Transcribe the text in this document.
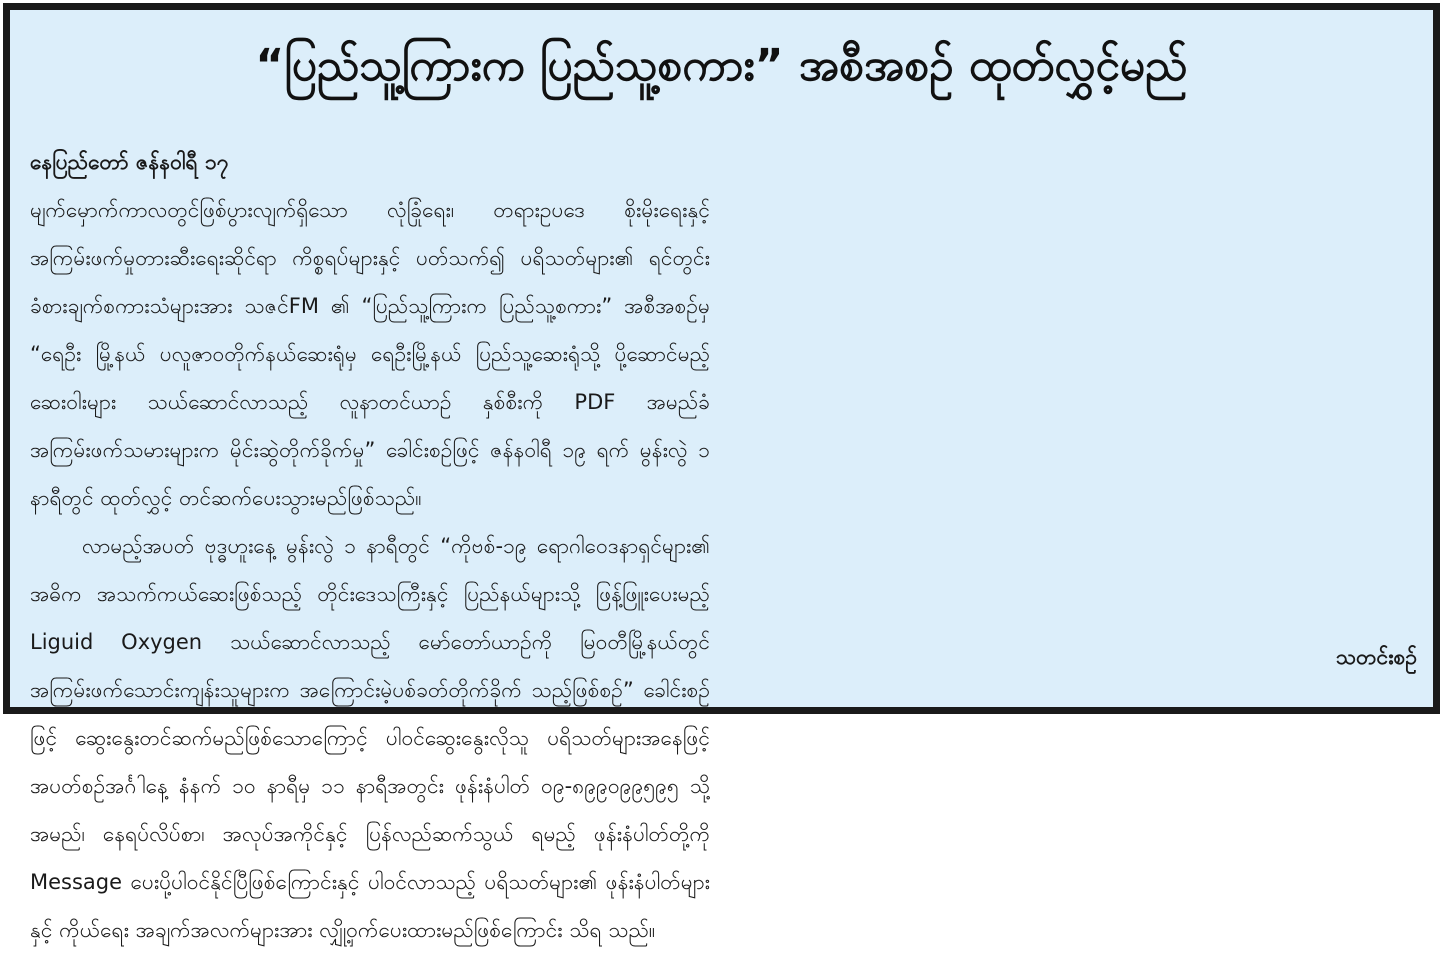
“ပြည်သူ့ကြားက ပြည်သူ့စကား” အစီအစဉ် ထုတ်လွှင့်မည်
နေပြည်တော် ဇန်နဝါရီ ၁၇
မျက်မှောက်ကာလတွင်ဖြစ်ပွားလျက်ရှိသော လုံခြုံရေး၊ တရားဥပဒေ စိုးမိုးရေးနှင့် အကြမ်းဖက်မှုတားဆီးရေးဆိုင်ရာ ကိစ္စရပ်များနှင့် ပတ်သက်၍ ပရိသတ်များ၏ ရင်တွင်းခံစားချက်စကားသံများအား သဇင်FM ၏ “ပြည်သူ့ကြားက ပြည်သူ့စကား” အစီအစဉ်မှ “ရေဦး မြို့နယ် ပလူဇာ၀တိုက်နယ်ဆေးရုံမှ ရေဦးမြို့နယ် ပြည်သူ့ဆေးရုံသို့ ပို့ဆောင်မည့်ဆေးဝါးများ သယ်ဆောင်လာသည့် လူနာတင်ယာဉ် နှစ်စီးကို PDF အမည်ခံအကြမ်းဖက်သမားများက မိုင်းဆွဲတိုက်ခိုက်မှု” ခေါင်းစဉ်ဖြင့် ဇန်နဝါရီ ၁၉ ရက် မွန်းလွဲ ၁ နာရီတွင် ထုတ်လွှင့် တင်ဆက်ပေးသွားမည်ဖြစ်သည်။
လာမည့်အပတ် ဗုဒ္ဓဟူးနေ့ မွန်းလွဲ ၁ နာရီတွင် “ကိုဗစ်-၁၉ ရောဂါဝေဒနာရှင်များ၏ အဓိက အသက်ကယ်ဆေးဖြစ်သည့် တိုင်းဒေသကြီးနှင့် ပြည်နယ်များသို့ ဖြန့်ဖြူးပေးမည့် Liguid Oxygen သယ်ဆောင်လာသည့် မော်တော်ယာဉ်ကို မြဝတီမြို့နယ်တွင် အကြမ်းဖက်သောင်းကျန်းသူများက အကြောင်းမဲ့ပစ်ခတ်တိုက်ခိုက် သည့်ဖြစ်စဉ်” ခေါင်းစဉ်ဖြင့် ဆွေးနွေးတင်ဆက်မည်ဖြစ်သောကြောင့် ပါဝင်ဆွေးနွေးလိုသူ ပရိသတ်များအနေဖြင့် အပတ်စဉ်အင်္ဂါနေ့ နံနက် ၁၀ နာရီမှ ၁၁ နာရီအတွင်း ဖုန်းနံပါတ် ၀၉-၈၉၉၀၉၉၅၉၅ သို့ အမည်၊ နေရပ်လိပ်စာ၊ အလုပ်အကိုင်နှင့် ပြန်လည်ဆက်သွယ် ရမည့် ဖုန်းနံပါတ်တို့ကို Message ပေးပို့ပါဝင်နိုင်ပြီဖြစ်ကြောင်းနှင့် ပါဝင်လာသည့် ပရိသတ်များ၏ ဖုန်းနံပါတ်များနှင့် ကိုယ်ရေး အချက်အလက်များအား လျှို့ဝှက်ပေးထားမည်ဖြစ်ကြောင်း သိရ သည်။
သတင်းစဉ်
